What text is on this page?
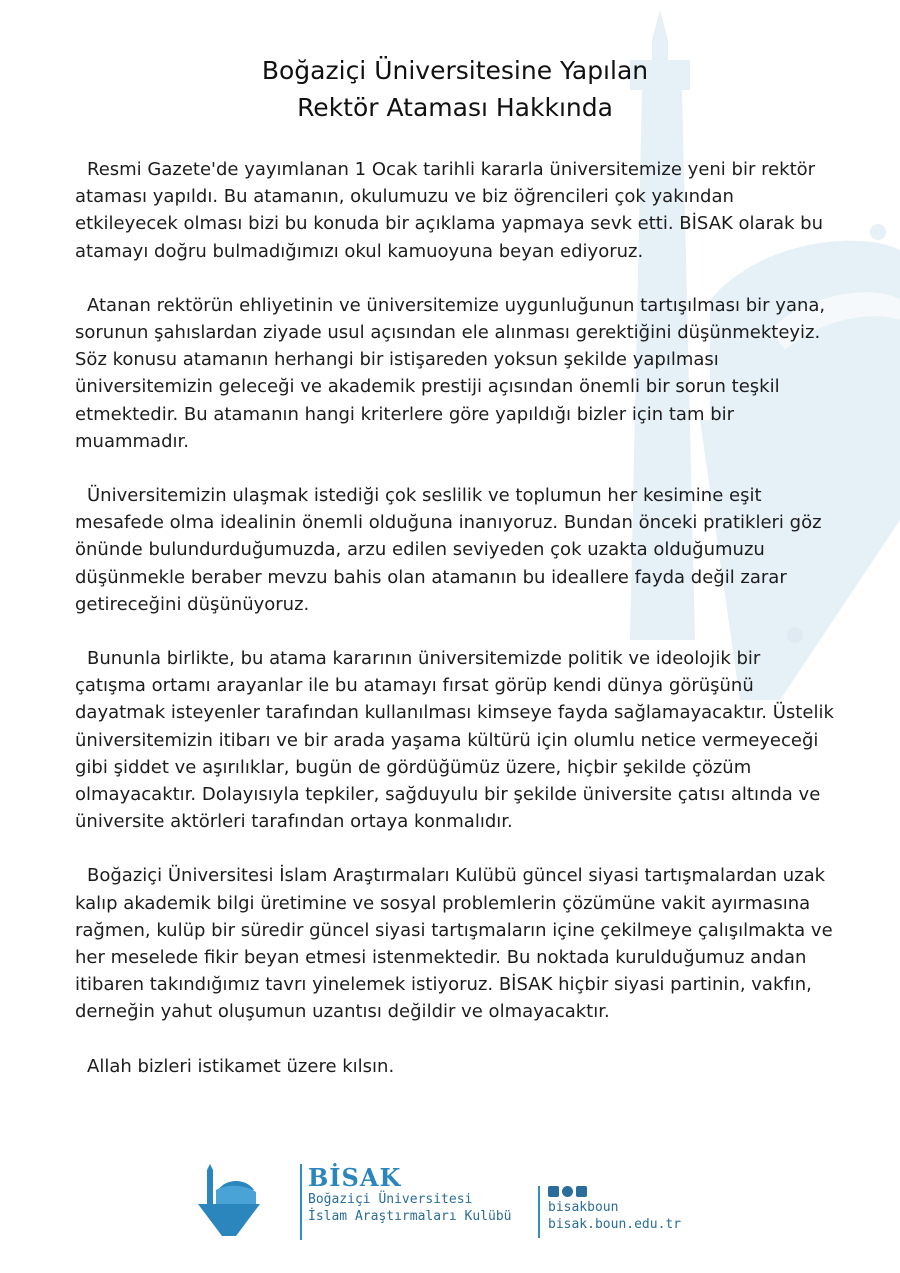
Boğaziçi Üniversitesine Yapılan
Rektör Ataması Hakkında

Resmi Gazete'de yayımlanan 1 Ocak tarihli kararla üniversitemize yeni bir rektör ataması yapıldı. Bu atamanın, okulumuzu ve biz öğrencileri çok yakından etkileyecek olması bizi bu konuda bir açıklama yapmaya sevk etti. BİSAK olarak bu atamayı doğru bulmadığımızı okul kamuoyuna beyan ediyoruz.

Atanan rektörün ehliyetinin ve üniversitemize uygunluğunun tartışılması bir yana, sorunun şahıslardan ziyade usul açısından ele alınması gerektiğini düşünmekteyiz. Söz konusu atamanın herhangi bir istişareden yoksun şekilde yapılması üniversitemizin geleceği ve akademik prestiji açısından önemli bir sorun teşkil etmektedir. Bu atamanın hangi kriterlere göre yapıldığı bizler için tam bir muammadır.

Üniversitemizin ulaşmak istediği çok seslilik ve toplumun her kesimine eşit mesafede olma idealinin önemli olduğuna inanıyoruz. Bundan önceki pratikleri göz önünde bulundurduğumuzda, arzu edilen seviyeden çok uzakta olduğumuzu düşünmekle beraber mevzu bahis olan atamanın bu ideallere fayda değil zarar getireceğini düşünüyoruz.

Bununla birlikte, bu atama kararının üniversitemizde politik ve ideolojik bir çatışma ortamı arayanlar ile bu atamayı fırsat görüp kendi dünya görüşünü dayatmak isteyenler tarafından kullanılması kimseye fayda sağlamayacaktır. Üstelik üniversitemizin itibarı ve bir arada yaşama kültürü için olumlu netice vermeyeceği gibi şiddet ve aşırılıklar, bugün de gördüğümüz üzere, hiçbir şekilde çözüm olmayacaktır. Dolayısıyla tepkiler, sağduyulu bir şekilde üniversite çatısı altında ve üniversite aktörleri tarafından ortaya konmalıdır.

Boğaziçi Üniversitesi İslam Araştırmaları Kulübü güncel siyasi tartışmalardan uzak kalıp akademik bilgi üretimine ve sosyal problemlerin çözümüne vakit ayırmasına rağmen, kulüp bir süredir güncel siyasi tartışmaların içine çekilmeye çalışılmakta ve her meselede fikir beyan etmesi istenmektedir. Bu noktada kurulduğumuz andan itibaren takındığımız tavrı yinelemek istiyoruz. BİSAK hiçbir siyasi partinin, vakfın, derneğin yahut oluşumun uzantısı değildir ve olmayacaktır.

Allah bizleri istikamet üzere kılsın.

BİSAK
Boğaziçi Üniversitesi
İslam Araştırmaları Kulübü
bisakboun
bisak.boun.edu.tr
